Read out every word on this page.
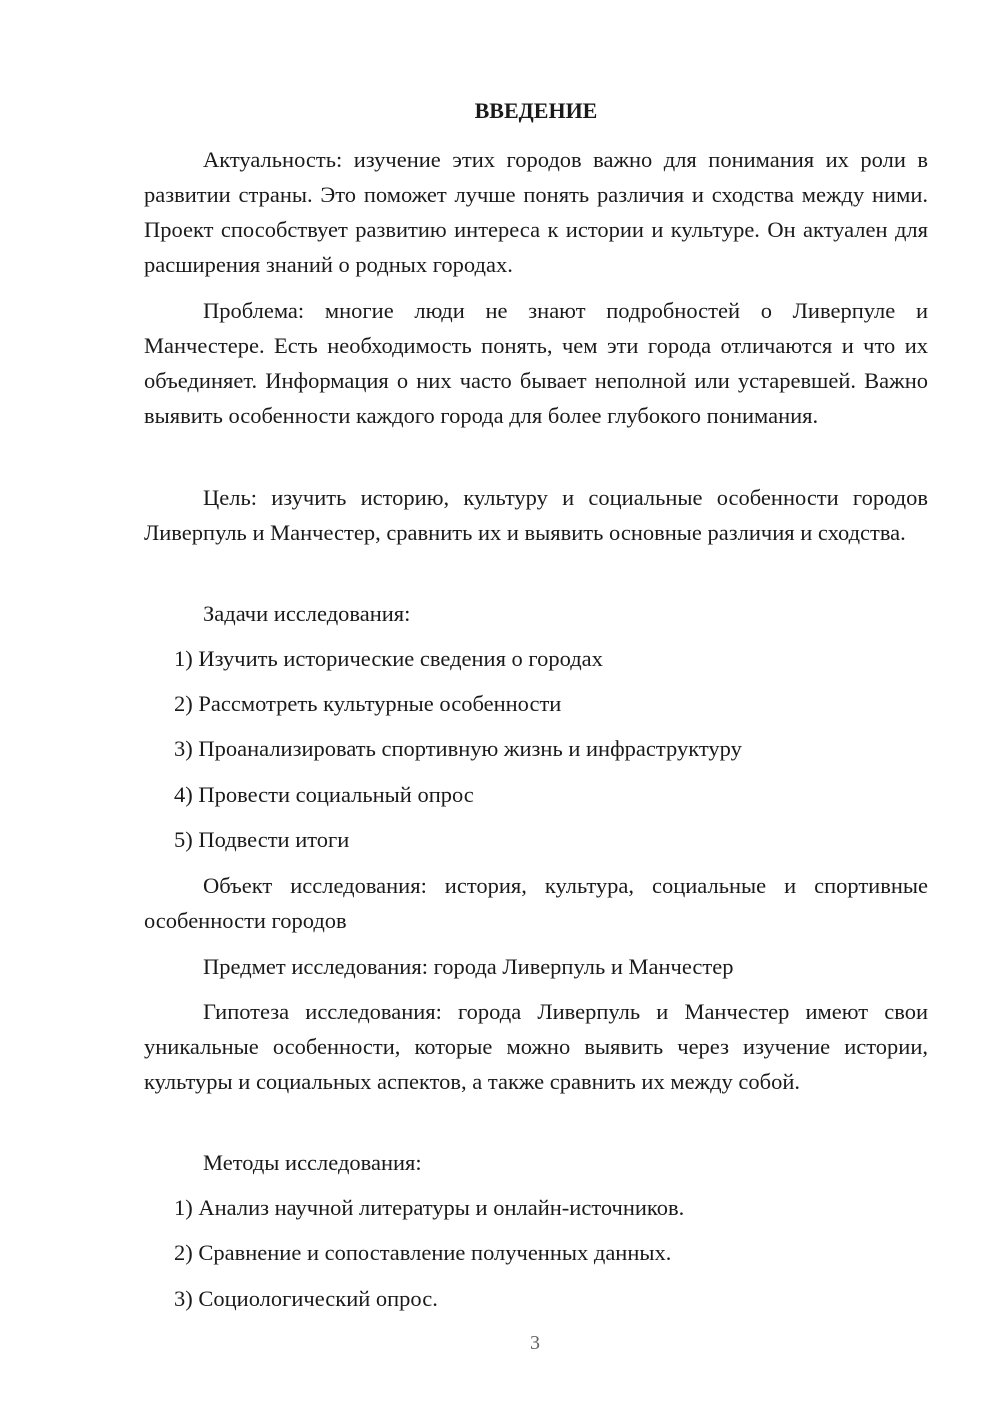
ВВЕДЕНИЕ
Актуальность: изучение этих городов важно для понимания их роли в развитии страны. Это поможет лучше понять различия и сходства между ними. Проект способствует развитию интереса к истории и культуре. Он актуален для расширения знаний о родных городах.
Проблема: многие люди не знают подробностей о Ливерпуле и Манчестере. Есть необходимость понять, чем эти города отличаются и что их объединяет. Информация о них часто бывает неполной или устаревшей. Важно выявить особенности каждого города для более глубокого понимания.
Цель: изучить историю, культуру и социальные особенности городов Ливерпуль и Манчестер, сравнить их и выявить основные различия и сходства.
Задачи исследования:
1) Изучить исторические сведения о городах
2) Рассмотреть культурные особенности
3) Проанализировать спортивную жизнь и инфраструктуру
4) Провести социальный опрос
5) Подвести итоги
Объект исследования: история, культура, социальные и спортивные особенности городов
Предмет исследования: города Ливерпуль и Манчестер
Гипотеза исследования: города Ливерпуль и Манчестер имеют свои уникальные особенности, которые можно выявить через изучение истории, культуры и социальных аспектов, а также сравнить их между собой.
Методы исследования:
1) Анализ научной литературы и онлайн-источников.
2) Сравнение и сопоставление полученных данных.
3) Социологический опрос.
3
